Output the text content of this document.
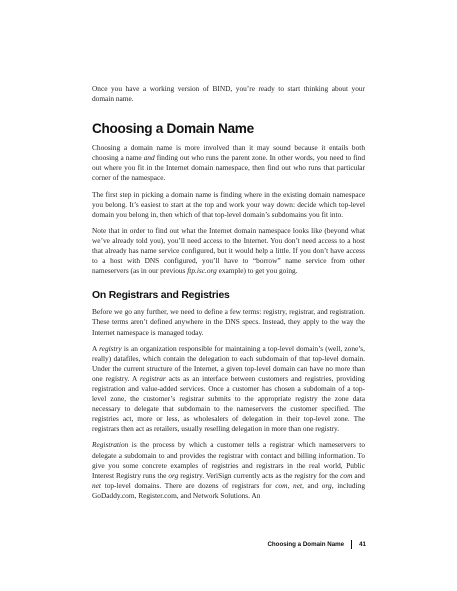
Once you have a working version of BIND, you’re ready to start thinking about your domain name.

Choosing a Domain Name

Choosing a domain name is more involved than it may sound because it entails both choosing a name and finding out who runs the parent zone. In other words, you need to find out where you fit in the Internet domain namespace, then find out who runs that particular corner of the namespace.

The first step in picking a domain name is finding where in the existing domain namespace you belong. It’s easiest to start at the top and work your way down: decide which top-level domain you belong in, then which of that top-level domain’s subdomains you fit into.

Note that in order to find out what the Internet domain namespace looks like (beyond what we’ve already told you), you’ll need access to the Internet. You don’t need access to a host that already has name service configured, but it would help a little. If you don’t have access to a host with DNS configured, you’ll have to “borrow” name service from other nameservers (as in our previous ftp.isc.org example) to get you going.

On Registrars and Registries

Before we go any further, we need to define a few terms: registry, registrar, and registration. These terms aren’t defined anywhere in the DNS specs. Instead, they apply to the way the Internet namespace is managed today.

A registry is an organization responsible for maintaining a top-level domain’s (well, zone’s, really) datafiles, which contain the delegation to each subdomain of that top-level domain. Under the current structure of the Internet, a given top-level domain can have no more than one registry. A registrar acts as an interface between customers and registries, providing registration and value-added services. Once a customer has chosen a subdomain of a top-level zone, the customer’s registrar submits to the appropriate registry the zone data necessary to delegate that subdomain to the nameservers the customer specified. The registries act, more or less, as wholesalers of delegation in their top-level zone. The registrars then act as retailers, usually reselling delegation in more than one registry.

Registration is the process by which a customer tells a registrar which nameservers to delegate a subdomain to and provides the registrar with contact and billing information. To give you some concrete examples of registries and registrars in the real world, Public Interest Registry runs the org registry. VeriSign currently acts as the registry for the com and net top-level domains. There are dozens of registrars for com, net, and org, including GoDaddy.com, Register.com, and Network Solutions. An

Choosing a Domain Name 41
